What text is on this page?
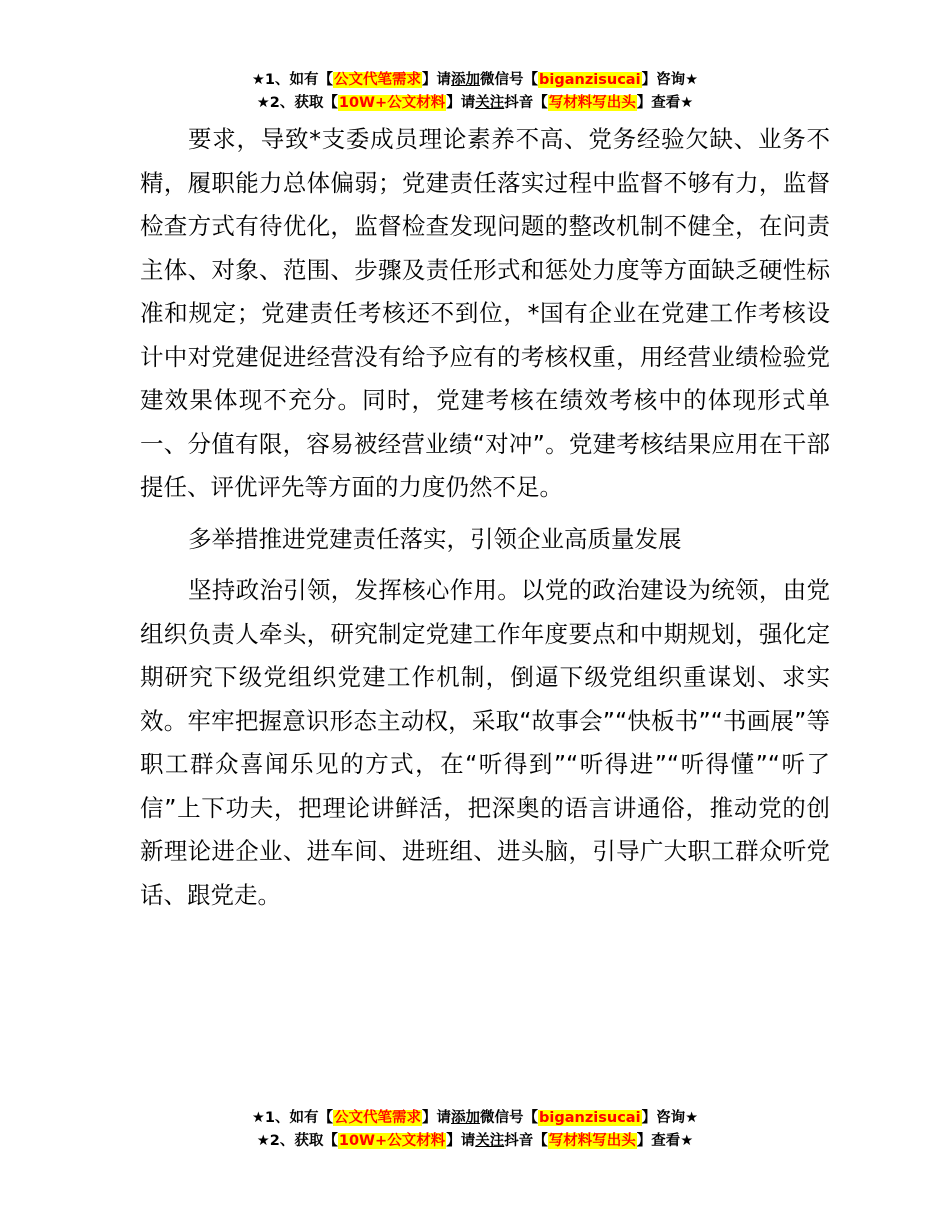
★1、如有【公文代笔需求】请添加微信号【biganzisucai】咨询★
★2、获取【10W+公文材料】请关注抖音【写材料写出头】查看★

要求，导致*支委成员理论素养不高、党务经验欠缺、业务不精，履职能力总体偏弱；党建责任落实过程中监督不够有力，监督检查方式有待优化，监督检查发现问题的整改机制不健全，在问责主体、对象、范围、步骤及责任形式和惩处力度等方面缺乏硬性标准和规定；党建责任考核还不到位，*国有企业在党建工作考核设计中对党建促进经营没有给予应有的考核权重，用经营业绩检验党建效果体现不充分。同时，党建考核在绩效考核中的体现形式单一、分值有限，容易被经营业绩“对冲”。党建考核结果应用在干部提任、评优评先等方面的力度仍然不足。

多举措推进党建责任落实，引领企业高质量发展

坚持政治引领，发挥核心作用。以党的政治建设为统领，由党组织负责人牵头，研究制定党建工作年度要点和中期规划，强化定期研究下级党组织党建工作机制，倒逼下级党组织重谋划、求实效。牢牢把握意识形态主动权，采取“故事会”“快板书”“书画展”等职工群众喜闻乐见的方式，在“听得到”“听得进”“听得懂”“听了信”上下功夫，把理论讲鲜活，把深奥的语言讲通俗，推动党的创新理论进企业、进车间、进班组、进头脑，引导广大职工群众听党话、跟党走。

★1、如有【公文代笔需求】请添加微信号【biganzisucai】咨询★
★2、获取【10W+公文材料】请关注抖音【写材料写出头】查看★
